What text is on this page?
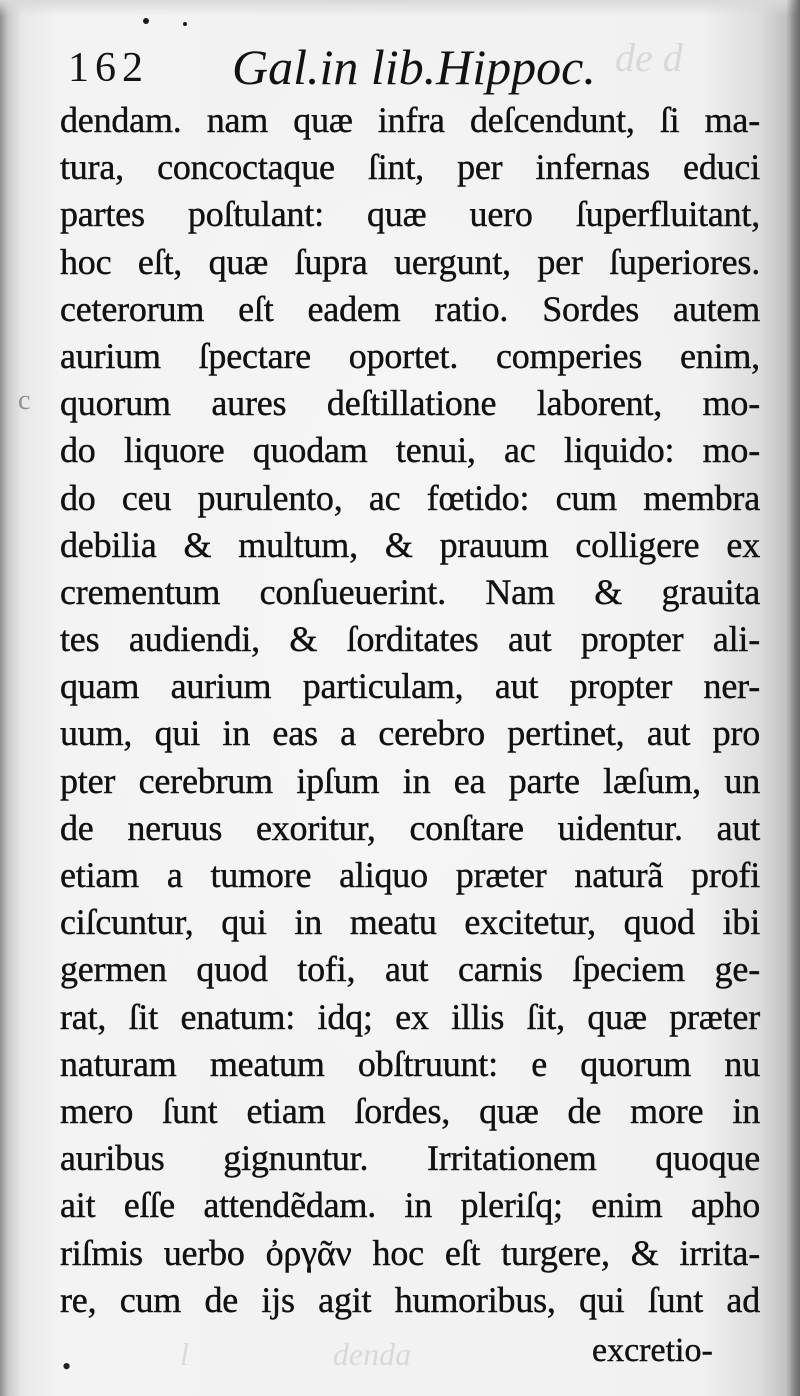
de d
l                  denda
c
162 Gal.in lib.Hippoc.
dendam. nam quæ infra deſcendunt, ſi ma-
tura, concoctaque ſint, per infernas educi
partes poſtulant: quæ uero ſuperfluitant,
hoc eſt, quæ ſupra uergunt, per ſuperiores.
ceterorum eſt eadem ratio. Sordes autem
aurium ſpectare oportet. comperies enim,
quorum aures deſtillatione laborent, mo-
do liquore quodam tenui, ac liquido: mo-
do ceu purulento, ac fœtido: cum membra
debilia & multum, & prauum colligere ex
crementum conſueuerint. Nam & grauita
tes audiendi, & ſorditates aut propter ali-
quam aurium particulam, aut propter ner-
uum, qui in eas a cerebro pertinet, aut pro
pter cerebrum ipſum in ea parte læſum, un
de neruus exoritur, conſtare uidentur. aut
etiam a tumore aliquo præter naturã profi
ciſcuntur, qui in meatu excitetur, quod ibi
germen quod tofi, aut carnis ſpeciem ge-
rat, ſit enatum: idq; ex illis ſit, quæ præter
naturam meatum obſtruunt: e quorum nu
mero ſunt etiam ſordes, quæ de more in
auribus gignuntur. Irritationem quoque
ait eſſe attendẽdam. in pleriſq; enim apho
riſmis uerbo ὀργᾶν hoc eſt turgere, & irrita-
re, cum de ijs agit humoribus, qui ſunt ad
excretio-
•
